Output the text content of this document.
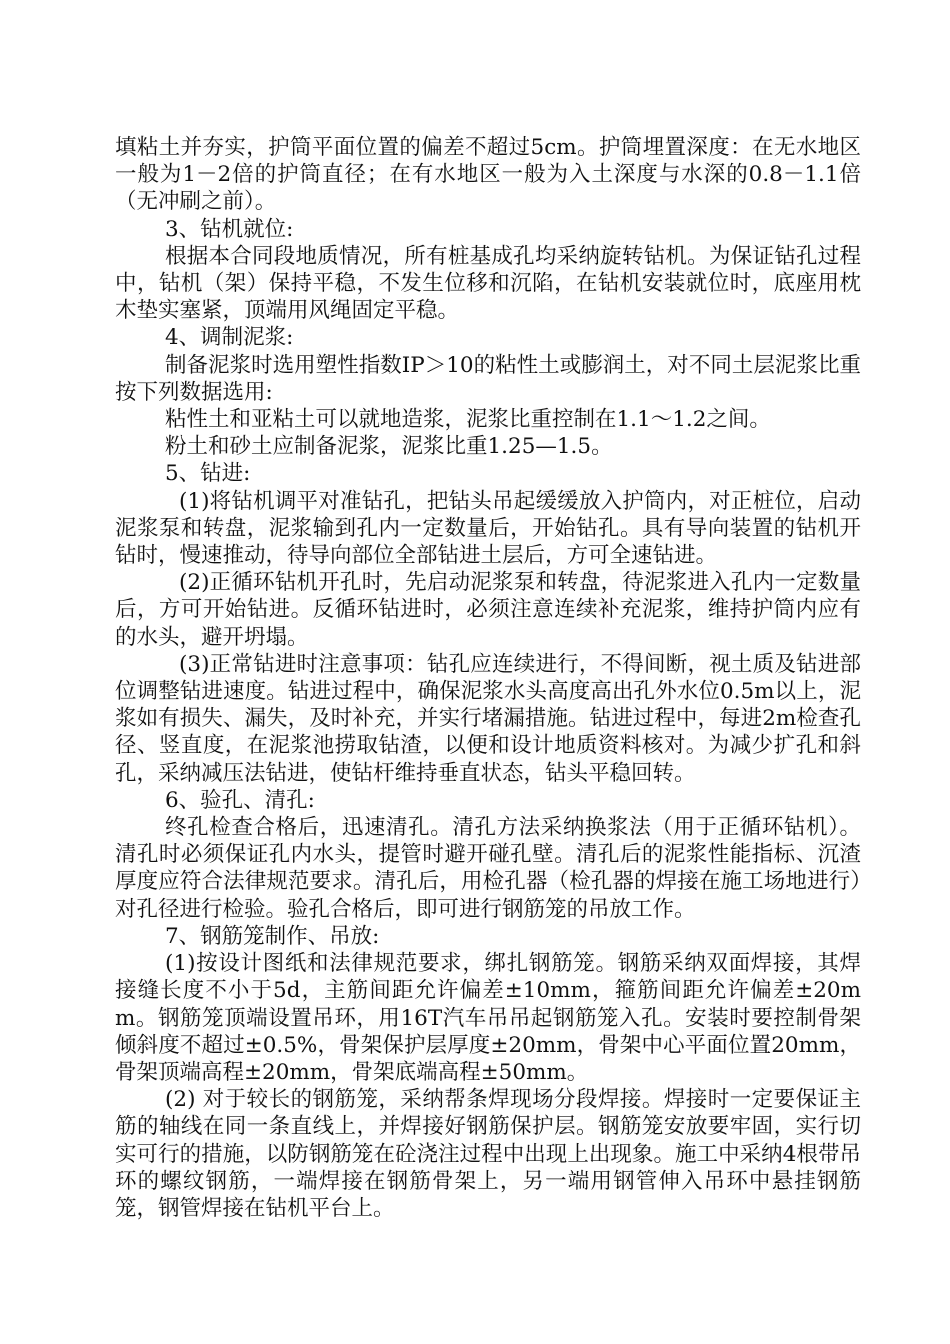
填粘土并夯实，护筒平面位置的偏差不超过5cm。护筒埋置深度：在无水地区一般为1－2倍的护筒直径；在有水地区一般为入土深度与水深的0.8－1.1倍（无冲刷之前）。

3、钻机就位:

根据本合同段地质情况，所有桩基成孔均采纳旋转钻机。为保证钻孔过程中，钻机（架）保持平稳，不发生位移和沉陷，在钻机安装就位时，底座用枕木垫实塞紧，顶端用风绳固定平稳。

4、调制泥浆:

制备泥浆时选用塑性指数IP＞10的粘性土或膨润土，对不同土层泥浆比重按下列数据选用:

粘性土和亚粘土可以就地造浆，泥浆比重控制在1.1～1.2之间。

粉土和砂土应制备泥浆，泥浆比重1.25—1.5。

5、钻进:

(1)将钻机调平对准钻孔，把钻头吊起缓缓放入护筒内，对正桩位，启动泥浆泵和转盘，泥浆输到孔内一定数量后，开始钻孔。具有导向装置的钻机开钻时，慢速推动，待导向部位全部钻进土层后，方可全速钻进。

(2)正循环钻机开孔时，先启动泥浆泵和转盘，待泥浆进入孔内一定数量后，方可开始钻进。反循环钻进时，必须注意连续补充泥浆，维持护筒内应有的水头，避开坍塌。

(3)正常钻进时注意事项：钻孔应连续进行，不得间断，视土质及钻进部位调整钻进速度。钻进过程中，确保泥浆水头高度高出孔外水位0.5m以上，泥浆如有损失、漏失，及时补充，并实行堵漏措施。钻进过程中，每进2m检查孔径、竖直度，在泥浆池捞取钻渣，以便和设计地质资料核对。为减少扩孔和斜孔，采纳减压法钻进，使钻杆维持垂直状态，钻头平稳回转。

6、验孔、清孔:

终孔检查合格后，迅速清孔。清孔方法采纳换浆法（用于正循环钻机）。清孔时必须保证孔内水头，提管时避开碰孔壁。清孔后的泥浆性能指标、沉渣厚度应符合法律规范要求。清孔后，用检孔器（检孔器的焊接在施工场地进行）对孔径进行检验。验孔合格后，即可进行钢筋笼的吊放工作。

7、钢筋笼制作、吊放:

(1)按设计图纸和法律规范要求，绑扎钢筋笼。钢筋采纳双面焊接，其焊接缝长度不小于5d，主筋间距允许偏差±10mm，箍筋间距允许偏差±20mm。钢筋笼顶端设置吊环，用16T汽车吊吊起钢筋笼入孔。安装时要控制骨架倾斜度不超过±0.5%，骨架保护层厚度±20mm，骨架中心平面位置20mm，骨架顶端高程±20mm，骨架底端高程±50mm。

(2) 对于较长的钢筋笼，采纳帮条焊现场分段焊接。焊接时一定要保证主筋的轴线在同一条直线上，并焊接好钢筋保护层。钢筋笼安放要牢固，实行切实可行的措施，以防钢筋笼在砼浇注过程中出现上出现象。施工中采纳4根带吊环的螺纹钢筋，一端焊接在钢筋骨架上，另一端用钢管伸入吊环中悬挂钢筋笼，钢管焊接在钻机平台上。
